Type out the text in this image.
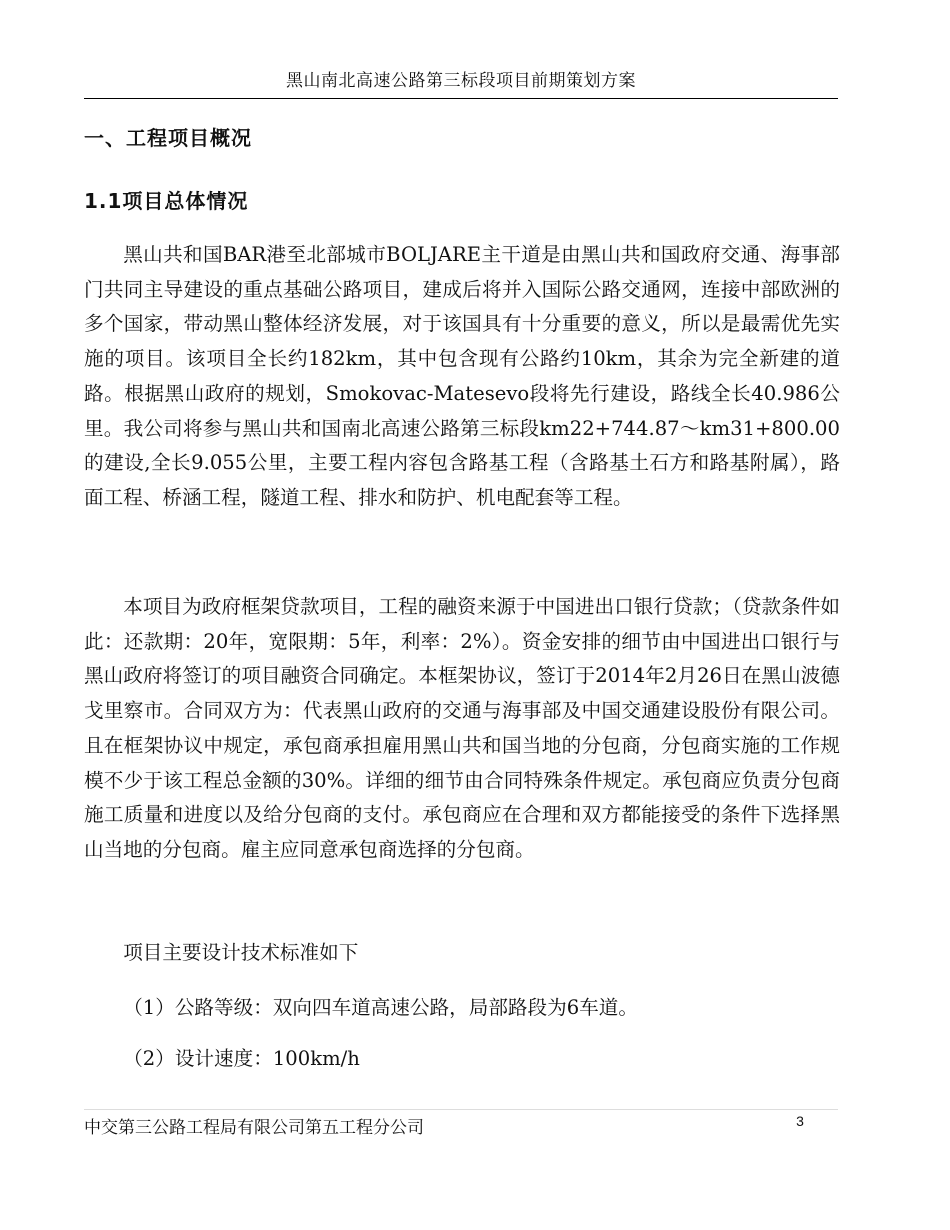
黑山南北高速公路第三标段项目前期策划方案
一、工程项目概况
1.1项目总体情况

黑山共和国BAR港至北部城市BOLJARE主干道是由黑山共和国政府交通、海事部门共同主导建设的重点基础公路项目，建成后将并入国际公路交通网，连接中部欧洲的多个国家，带动黑山整体经济发展，对于该国具有十分重要的意义，所以是最需优先实施的项目。该项目全长约182km，其中包含现有公路约10km，其余为完全新建的道路。根据黑山政府的规划，Smokovac-Matesevo段将先行建设，路线全长40.986公里。我公司将参与黑山共和国南北高速公路第三标段km22+744.87～km31+800.00的建设,全长9.055公里，主要工程内容包含路基工程（含路基土石方和路基附属），路面工程、桥涵工程，隧道工程、排水和防护、机电配套等工程。

本项目为政府框架贷款项目，工程的融资来源于中国进出口银行贷款；（贷款条件如此：还款期：20年，宽限期：5年，利率：2%）。资金安排的细节由中国进出口银行与黑山政府将签订的项目融资合同确定。本框架协议，签订于2014年2月26日在黑山波德戈里察市。合同双方为：代表黑山政府的交通与海事部及中国交通建设股份有限公司。且在框架协议中规定，承包商承担雇用黑山共和国当地的分包商，分包商实施的工作规模不少于该工程总金额的30%。详细的细节由合同特殊条件规定。承包商应负责分包商施工质量和进度以及给分包商的支付。承包商应在合理和双方都能接受的条件下选择黑山当地的分包商。雇主应同意承包商选择的分包商。

项目主要设计技术标准如下

（1）公路等级：双向四车道高速公路，局部路段为6车道。

（2）设计速度：100km/h

中交第三公路工程局有限公司第五工程分公司	3
